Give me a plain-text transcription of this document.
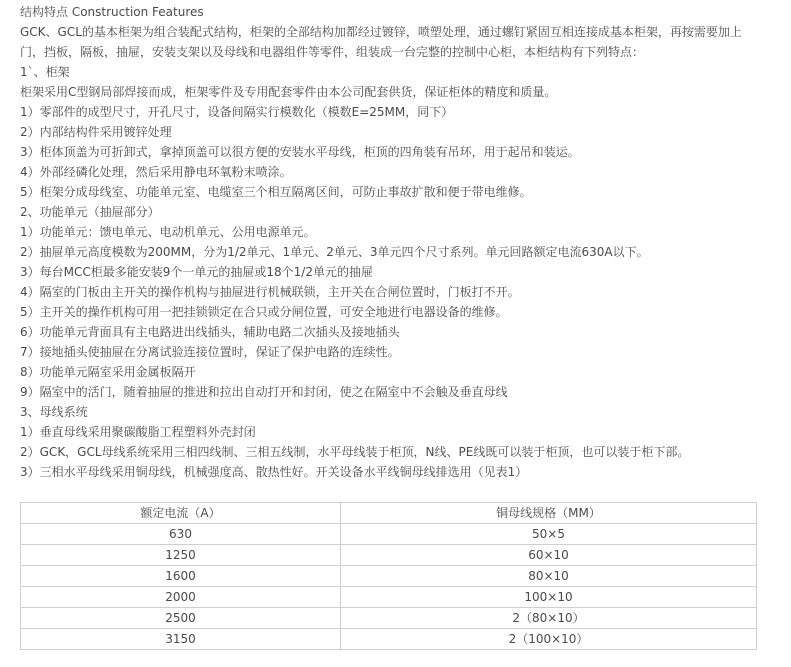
结构特点 Construction Features
GCK、GCL的基本柜架为组合装配式结构，柜架的全部结构加都经过镀锌，喷塑处理，通过螺钉紧固互相连接成基本柜架，再按需要加上
门，挡板，隔板，抽屉，安装支架以及母线和电器组件等零件，组装成一台完整的控制中心柜，本柜结构有下列特点：
1`、柜架
柜架采用C型钢局部焊接而成，柜架零件及专用配套零件由本公司配套供货，保证柜体的精度和质量。
1）零部件的成型尺寸，开孔尺寸，设备间隔实行模数化（模数E=25MM，同下）
2）内部结构件采用镀锌处理
3）柜体顶盖为可折卸式，拿掉顶盖可以很方便的安装水平母线，柜顶的四角装有吊环，用于起吊和装运。
4）外部经磷化处理，然后采用静电环氧粉末喷涂。
5）柜架分成母线室、功能单元室、电缆室三个相互隔离区间，可防止事故扩散和便于带电维修。
2、功能单元（抽屉部分）
1）功能单元：馈电单元、电动机单元、公用电源单元。
2）抽屉单元高度模数为200MM，分为1/2单元、1单元、2单元、3单元四个尺寸系列。单元回路额定电流630A以下。
3）每台MCC柜最多能安装9个一单元的抽屉或18个1/2单元的抽屉
4）隔室的门板由主开关的操作机构与抽屉进行机械联锁，主开关在合闸位置时，门板打不开。
5）主开关的操作机构可用一把挂锁锁定在合只或分闸位置，可安全地进行电器设备的维修。
6）功能单元背面具有主电路进出线插头，辅助电路二次插头及接地插头
7）接地插头使抽屉在分离试验连接位置时，保证了保护电路的连续性。
8）功能单元隔室采用金属板隔开
9）隔室中的活门，随着抽屉的推进和拉出自动打开和封闭，使之在隔室中不会触及垂直母线
3、母线系统
1）垂直母线采用聚碳酸脂工程塑料外壳封闭
2）GCK，GCL母线系统采用三相四线制、三相五线制，水平母线装于柜顶，N线、PE线既可以装于柜顶，也可以装于柜下部。
3）三相水平母线采用铜母线，机械强度高、散热性好。开关设备水平线铜母线排选用（见表1）
额定电流（A）	铜母线规格（MM）
630	50×5
1250	60×10
1600	80×10
2000	100×10
2500	2（80×10）
3150	2（100×10）
